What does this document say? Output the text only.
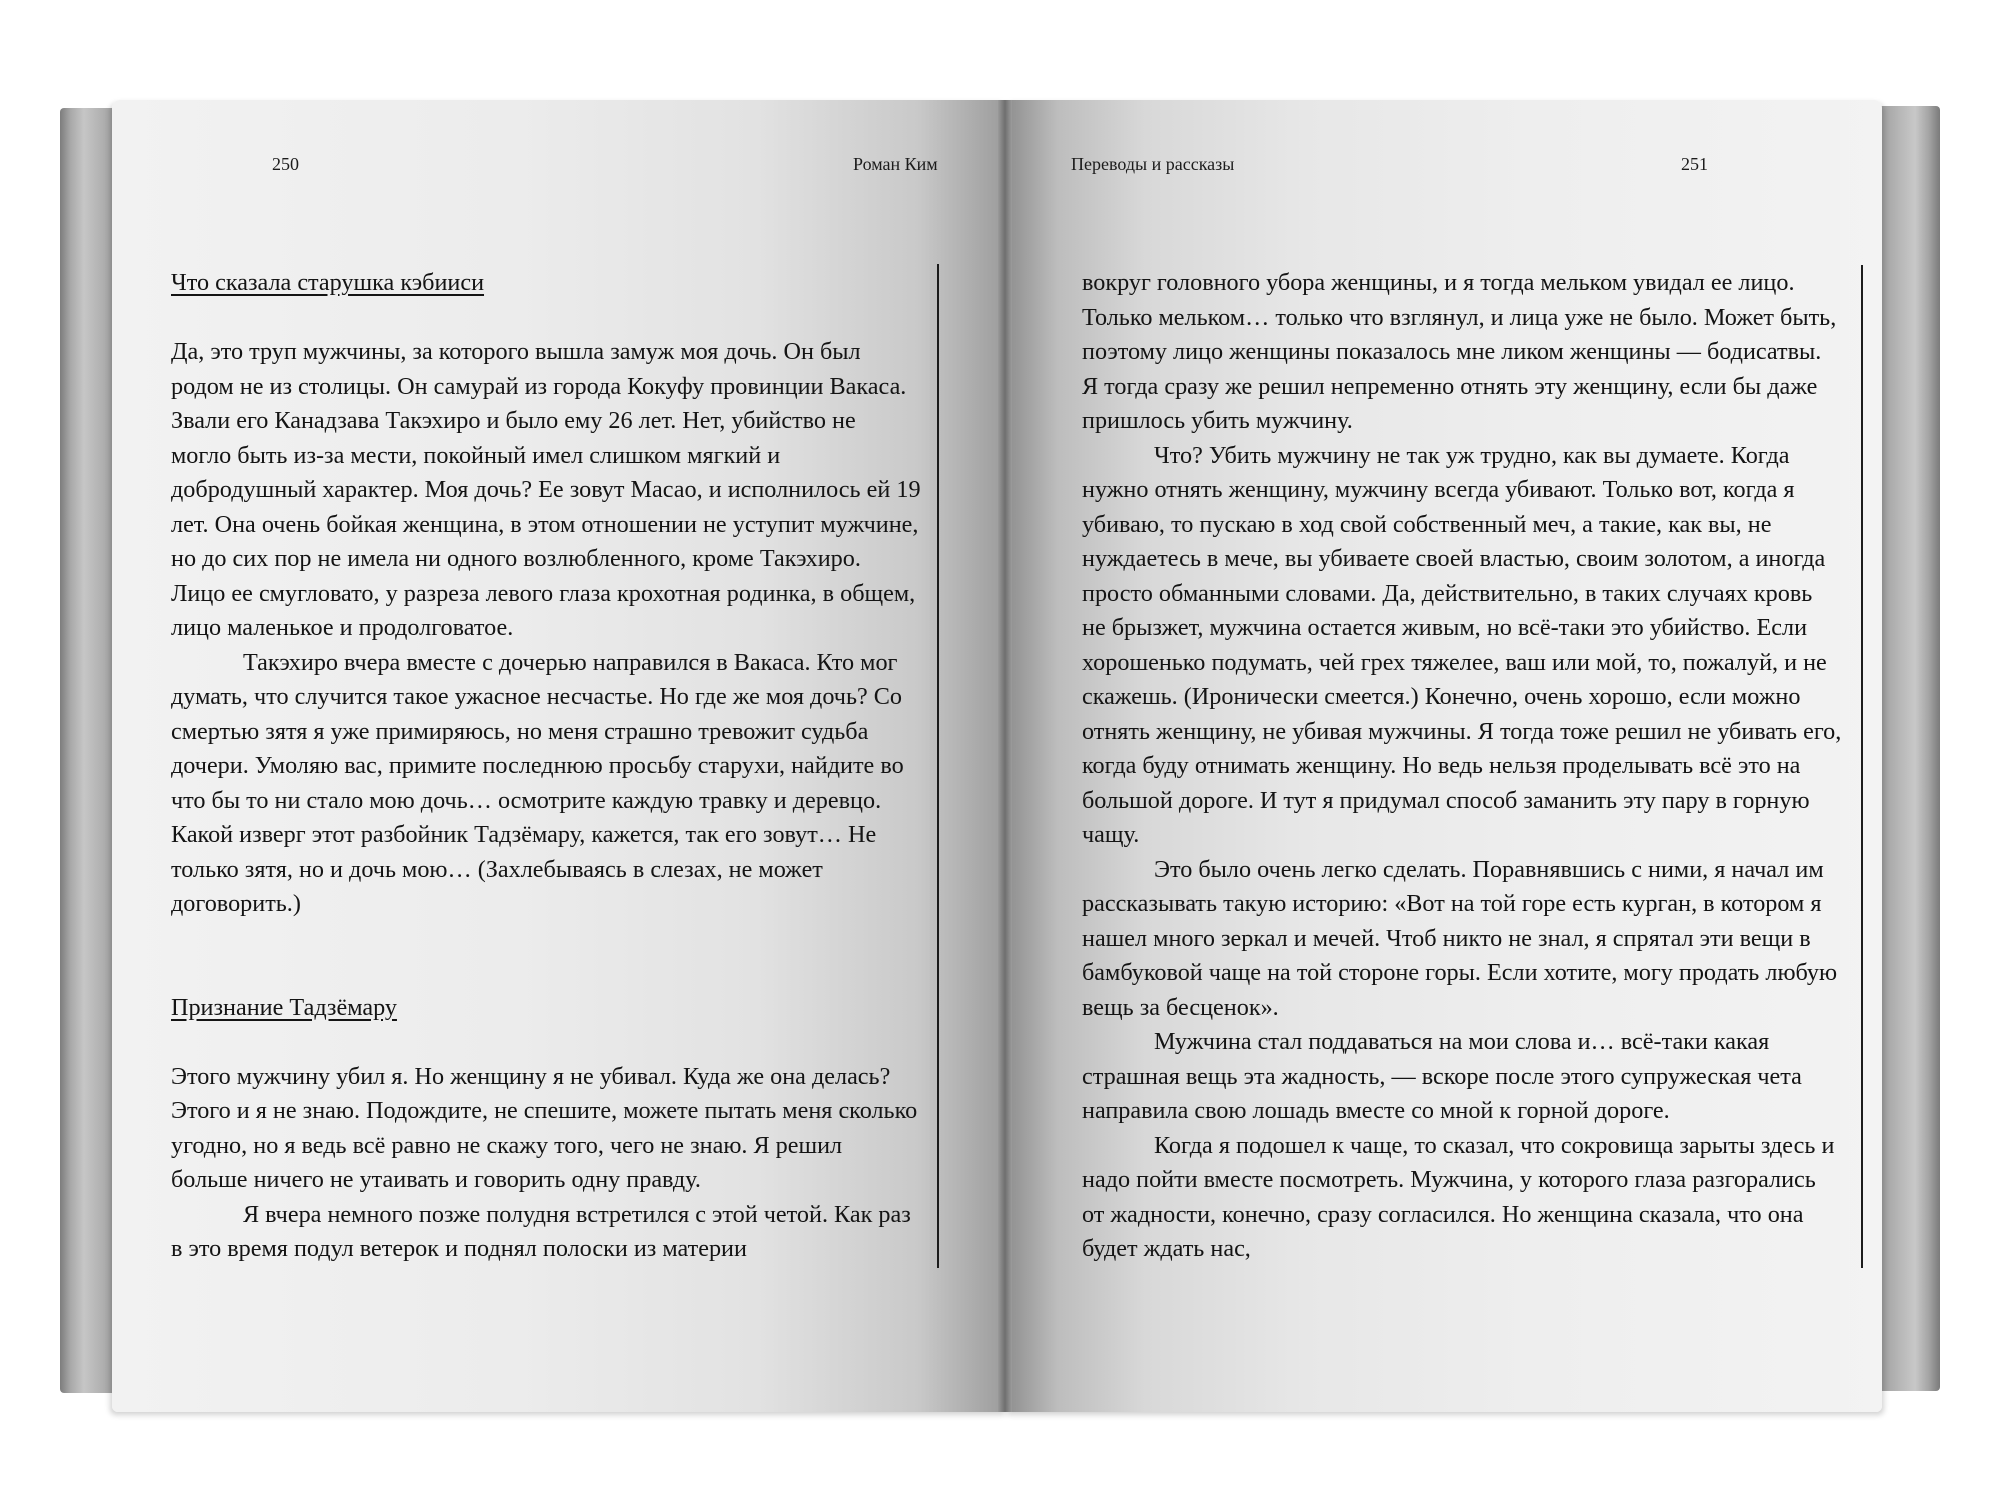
250	Роман Ким
Что сказала старушка кэбииси

Да, это труп мужчины, за которого вышла замуж моя дочь. Он был родом не из столицы. Он самурай из города Кокуфу провинции Вакаса. Звали его Канадзава Такэхиро и было ему 26 лет. Нет, убийство не могло быть из-за мести, покойный имел слишком мягкий и добродушный характер. Моя дочь? Ее зовут Масао, и исполнилось ей 19 лет. Она очень бойкая женщина, в этом отношении не уступит мужчине, но до сих пор не имела ни одного возлюбленного, кроме Такэхиро. Лицо ее смугловато, у разреза левого глаза крохотная родинка, в общем, лицо маленькое и продолговатое.

Такэхиро вчера вместе с дочерью направился в Вакаса. Кто мог думать, что случится такое ужасное несчастье. Но где же моя дочь? Со смертью зятя я уже примиряюсь, но меня страшно тревожит судьба дочери. Умоляю вас, примите последнюю просьбу старухи, найдите во что бы то ни стало мою дочь… осмотрите каждую травку и деревцо. Какой изверг этот разбойник Тадзёмару, кажется, так его зовут… Не только зятя, но и дочь мою… (Захлебываясь в слезах, не может договорить.)

Признание Тадзёмару

Этого мужчину убил я. Но женщину я не убивал. Куда же она делась? Этого и я не знаю. Подождите, не спешите, можете пытать меня сколько угодно, но я ведь всё равно не скажу того, чего не знаю. Я решил больше ничего не утаивать и говорить одну правду.

Я вчера немного позже полудня встретился с этой четой. Как раз в это время подул ветерок и поднял полоски из материи

Переводы и рассказы	251

вокруг головного убора женщины, и я тогда мельком увидал ее лицо. Только мельком… только что взглянул, и лица уже не было. Может быть, поэтому лицо женщины показалось мне ликом женщины — бодисатвы. Я тогда сразу же решил непременно отнять эту женщину, если бы даже пришлось убить мужчину.

Что? Убить мужчину не так уж трудно, как вы думаете. Когда нужно отнять женщину, мужчину всегда убивают. Только вот, когда я убиваю, то пускаю в ход свой собственный меч, а такие, как вы, не нуждаетесь в мече, вы убиваете своей властью, своим золотом, а иногда просто обманными словами. Да, действительно, в таких случаях кровь не брызжет, мужчина остается живым, но всё-таки это убийство. Если хорошенько подумать, чей грех тяжелее, ваш или мой, то, пожалуй, и не скажешь. (Иронически смеется.) Конечно, очень хорошо, если можно отнять женщину, не убивая мужчины. Я тогда тоже решил не убивать его, когда буду отнимать женщину. Но ведь нельзя проделывать всё это на большой дороге. И тут я придумал способ заманить эту пару в горную чащу.

Это было очень легко сделать. Поравнявшись с ними, я начал им рассказывать такую историю: «Вот на той горе есть курган, в котором я нашел много зеркал и мечей. Чтоб никто не знал, я спрятал эти вещи в бамбуковой чаще на той стороне горы. Если хотите, могу продать любую вещь за бесценок».

Мужчина стал поддаваться на мои слова и… всё-таки какая страшная вещь эта жадность, — вскоре после этого супружеская чета направила свою лошадь вместе со мной к горной дороге.

Когда я подошел к чаще, то сказал, что сокровища зарыты здесь и надо пойти вместе посмотреть. Мужчина, у которого глаза разгорались от жадности, конечно, сразу согласился. Но женщина сказала, что она будет ждать нас,
